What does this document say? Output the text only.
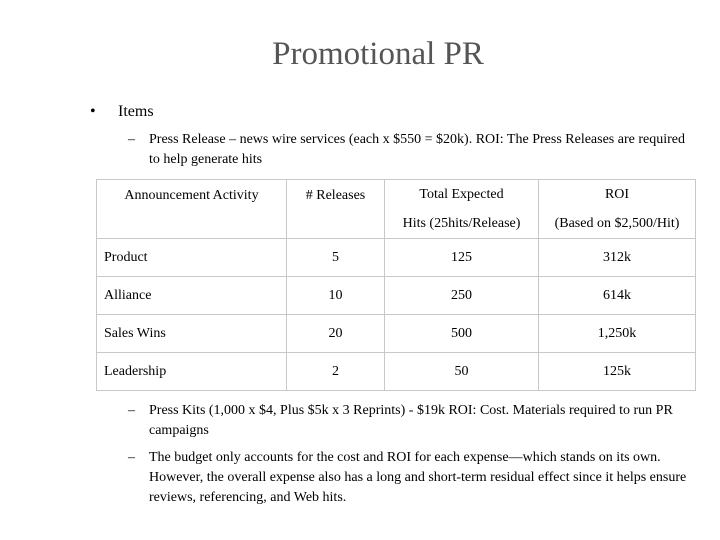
Promotional PR
• Items
– Press Release – news wire services (each x $550 = $20k). ROI: The Press Releases are required to help generate hits
Announcement Activity	# Releases	Total Expected	ROI
		Hits (25hits/Release)	(Based on $2,500/Hit)
Product	5	125	312k
Alliance	10	250	614k
Sales Wins	20	500	1,250k
Leadership	2	50	125k
– Press Kits (1,000 x $4, Plus $5k x 3 Reprints) - $19k ROI: Cost. Materials required to run PR campaigns
– The budget only accounts for the cost and ROI for each expense—which stands on its own. However, the overall expense also has a long and short-term residual effect since it helps ensure reviews, referencing, and Web hits.
